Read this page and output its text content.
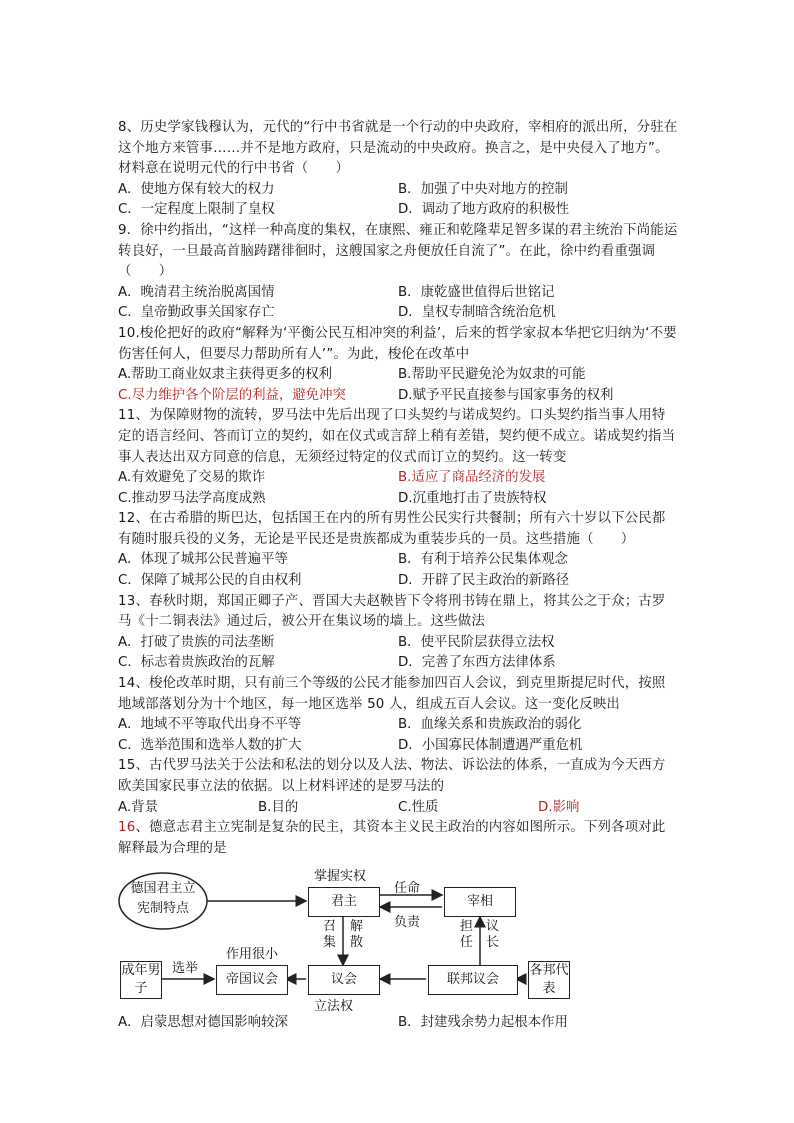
8、历史学家钱穆认为，元代的“行中书省就是一个行动的中央政府，宰相府的派出所，分驻在这个地方来管事……并不是地方政府，只是流动的中央政府。换言之，是中央侵入了地方”。材料意在说明元代的行中书省（　　）

A．使地方保有较大的权力	B．加强了中央对地方的控制
C．一定程度上限制了皇权	D．调动了地方政府的积极性

9．徐中约指出，“这样一种高度的集权，在康熙、雍正和乾隆辈足智多谋的君主统治下尚能运转良好，一旦最高首脑踌躇徘徊时，这艘国家之舟便放任自流了”。在此，徐中约看重强调（　　）

A．晚清君主统治脱离国情	B．康乾盛世值得后世铭记
C．皇帝勤政事关国家存亡	D．皇权专制暗含统治危机

10.梭伦把好的政府“解释为‘平衡公民互相冲突的利益’，后来的哲学家叔本华把它归纳为‘不要伤害任何人，但要尽力帮助所有人’”。为此，梭伦在改革中

A.帮助工商业奴隶主获得更多的权利	B.帮助平民避免沦为奴隶的可能
C.尽力维护各个阶层的利益，避免冲突	D.赋予平民直接参与国家事务的权利

11、为保障财物的流转，罗马法中先后出现了口头契约与诺成契约。口头契约指当事人用特定的语言经问、答而订立的契约，如在仪式或言辞上稍有差错，契约便不成立。诺成契约指当事人表达出双方同意的信息，无须经过特定的仪式而订立的契约。这一转变

A.有效避免了交易的欺诈	B.适应了商品经济的发展
C.推动罗马法学高度成熟	D.沉重地打击了贵族特权

12、在古希腊的斯巴达，包括国王在内的所有男性公民实行共餐制；所有六十岁以下公民都有随时服兵役的义务，无论是平民还是贵族都成为重装步兵的一员。这些措施（　　）

A．体现了城邦公民普遍平等	B．有利于培养公民集体观念
C．保障了城邦公民的自由权利	D．开辟了民主政治的新路径

13、春秋时期，郑国正卿子产、晋国大夫赵鞅皆下令将刑书铸在鼎上，将其公之于众；古罗马《十二铜表法》通过后，被公开在集议场的墙上。这些做法

A．打破了贵族的司法垄断	B．使平民阶层获得立法权
C．标志着贵族政治的瓦解	D．完善了东西方法律体系

14、梭伦改革时期，只有前三个等级的公民才能参加四百人会议，到克里斯提尼时代，按照地域部落划分为十个地区，每一地区选举 50 人，组成五百人会议。这一变化反映出

A．地域不平等取代出身不平等	B．血缘关系和贵族政治的弱化
C．选举范围和选举人数的扩大	D．小国寡民体制遭遇严重危机

15、古代罗马法关于公法和私法的划分以及人法、物法、诉讼法的体系，一直成为今天西方欧美国家民事立法的依据。以上材料评述的是罗马法的

A.背景	B.目的	C.性质	D.影响

16、德意志君主立宪制是复杂的民主，其资本主义民主政治的内容如图所示。下列各项对此解释最为合理的是

德国君主立宪制特点	君主	宰相
议会
帝国议会	联邦议会
成年男子
各邦代表
掌握实权
任命
负责
召集
解散
担任
议长
作用很小
选举
立法权
A．启蒙思想对德国影响较深	B．封建残余势力起根本作用
